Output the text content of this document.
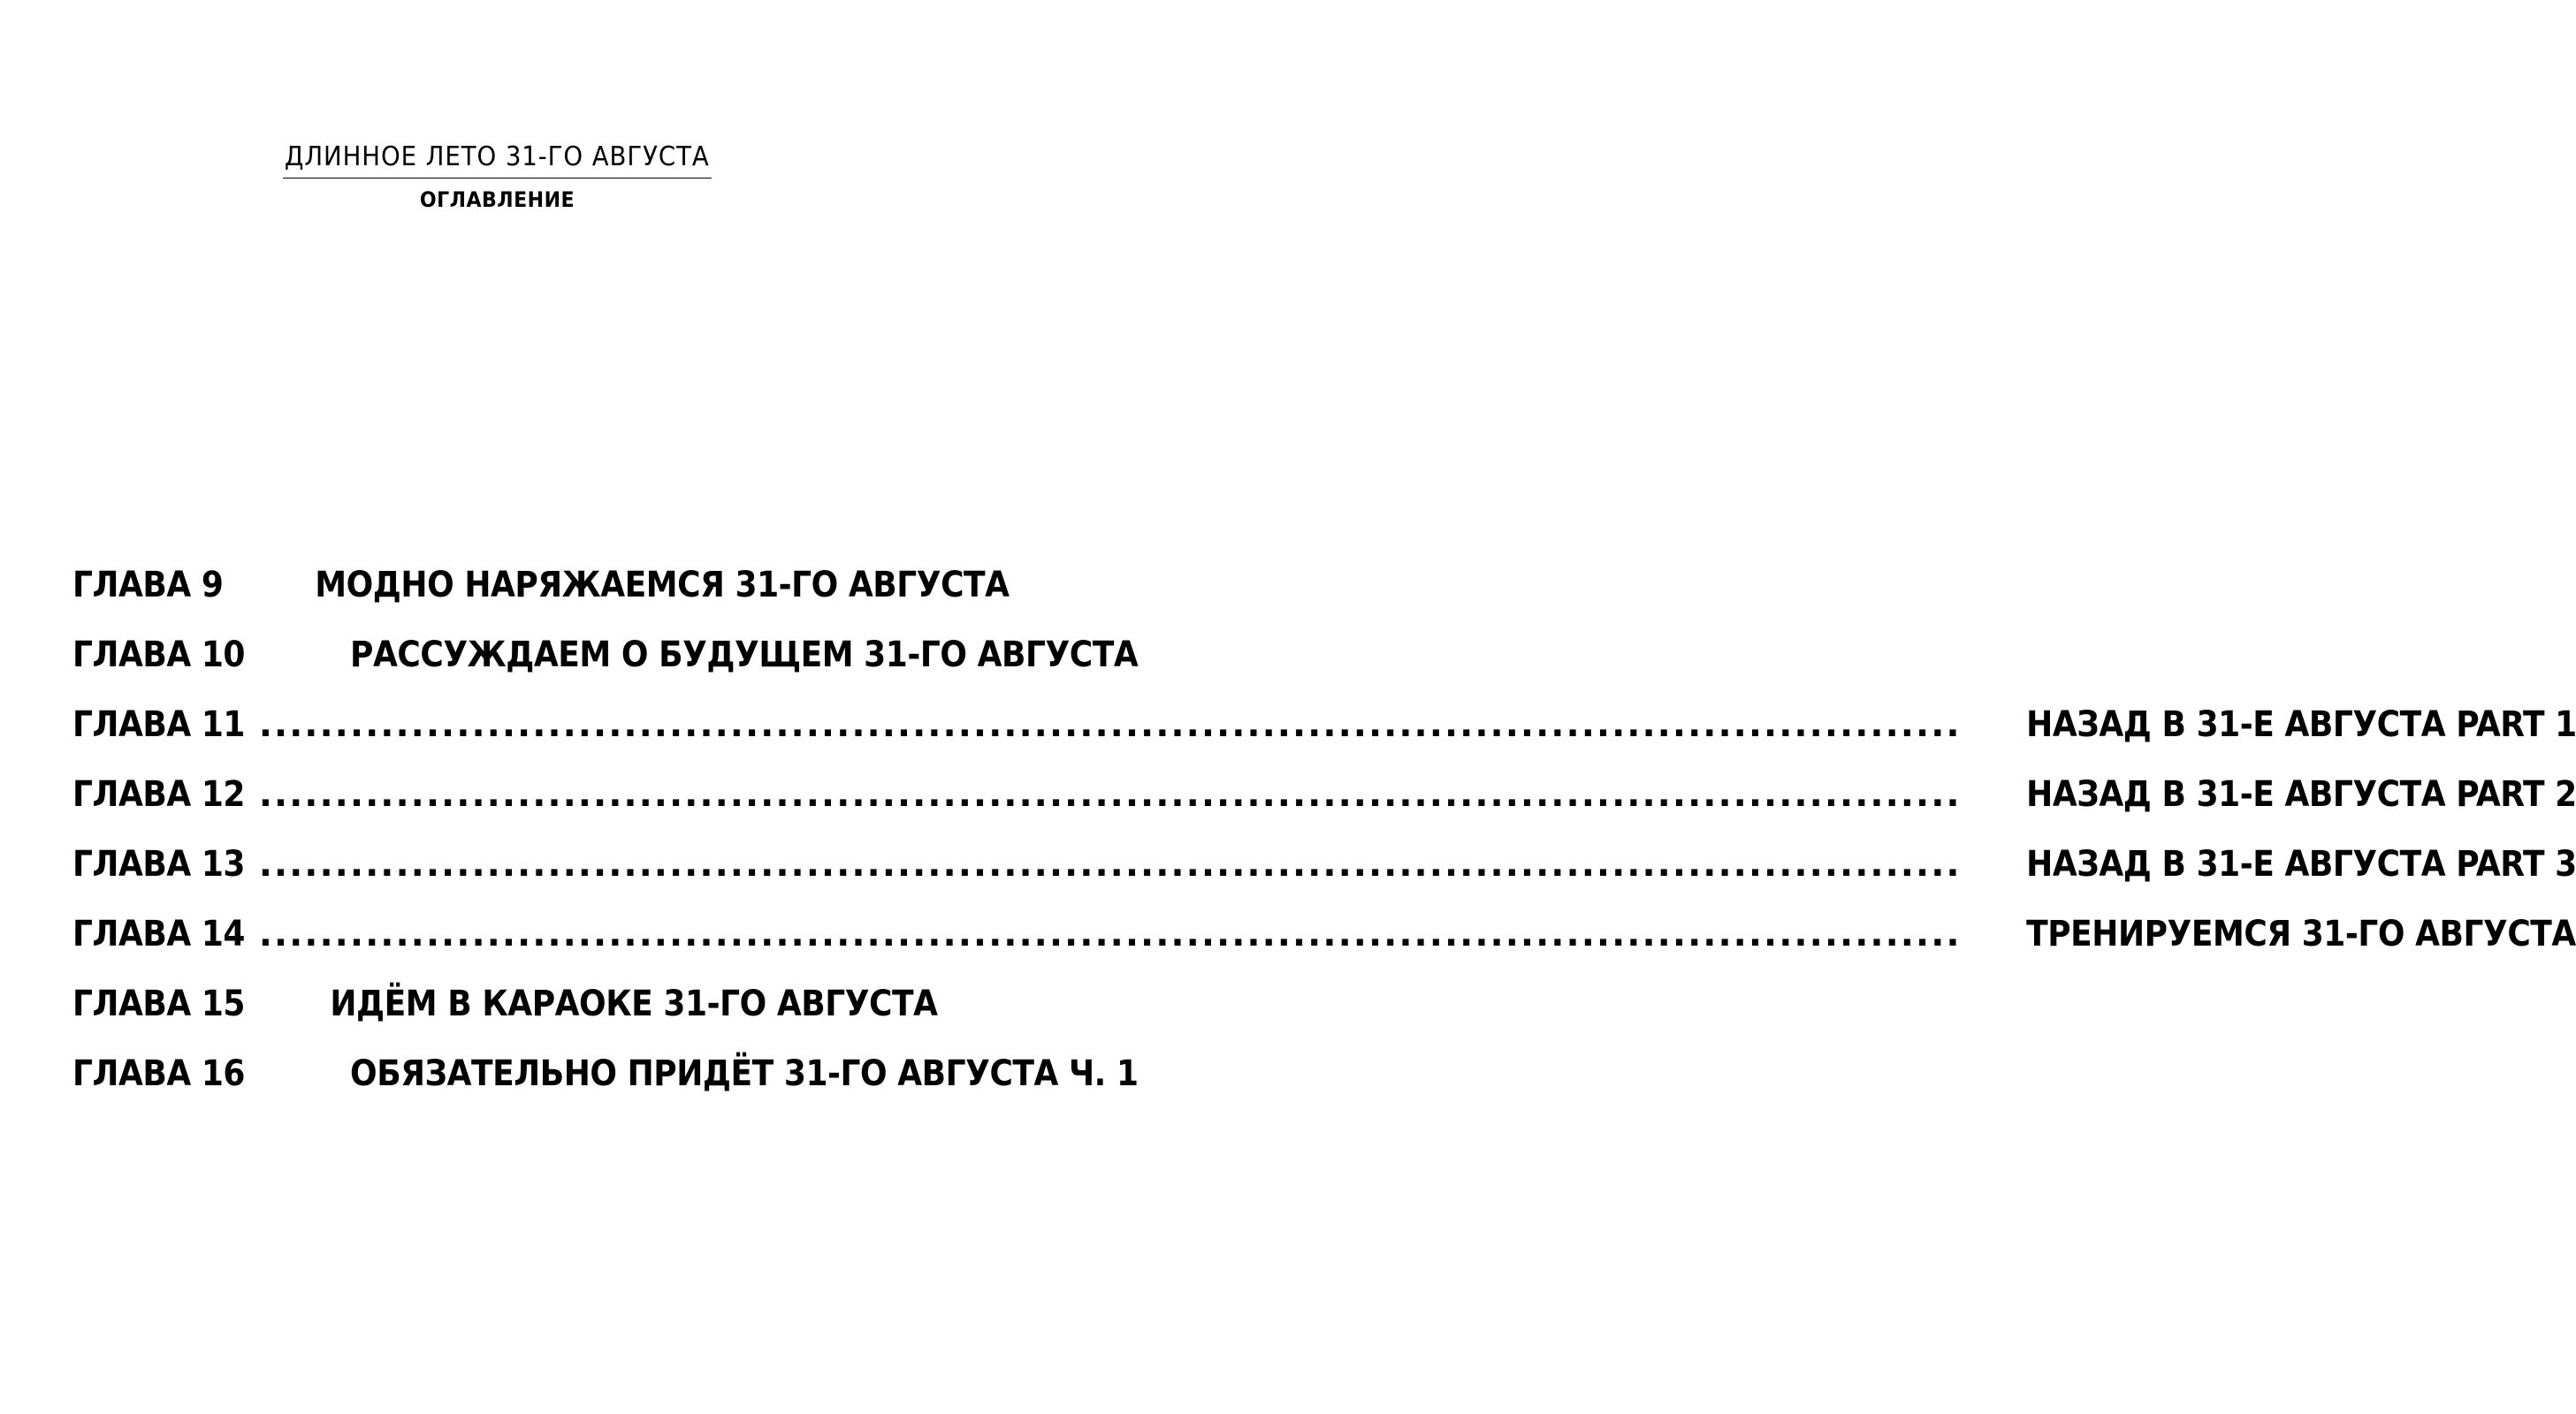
ДЛИННОЕ ЛЕТО 31-ГО АВГУСТА
ОГЛАВЛЕНИЕ
ГЛАВА 9	МОДНО НАРЯЖАЕМСЯ 31-ГО АВГУСТА
ГЛАВА 10	РАССУЖДАЕМ О БУДУЩЕМ 31-ГО АВГУСТА
ГЛАВА 11 .....	НАЗАД В 31-Е АВГУСТА PART 1
ГЛАВА 12 .....	НАЗАД В 31-Е АВГУСТА PART 2
ГЛАВА 13 .....	НАЗАД В 31-Е АВГУСТА PART 3
ГЛАВА 14 .....	ТРЕНИРУЕМСЯ 31-ГО АВГУСТА
ГЛАВА 15 ИДЁМ В КАРАОКЕ 31-ГО АВГУСТА
ГЛАВА 16	ОБЯЗАТЕЛЬНО ПРИДЁТ 31-ГО АВГУСТА Ч. 1
